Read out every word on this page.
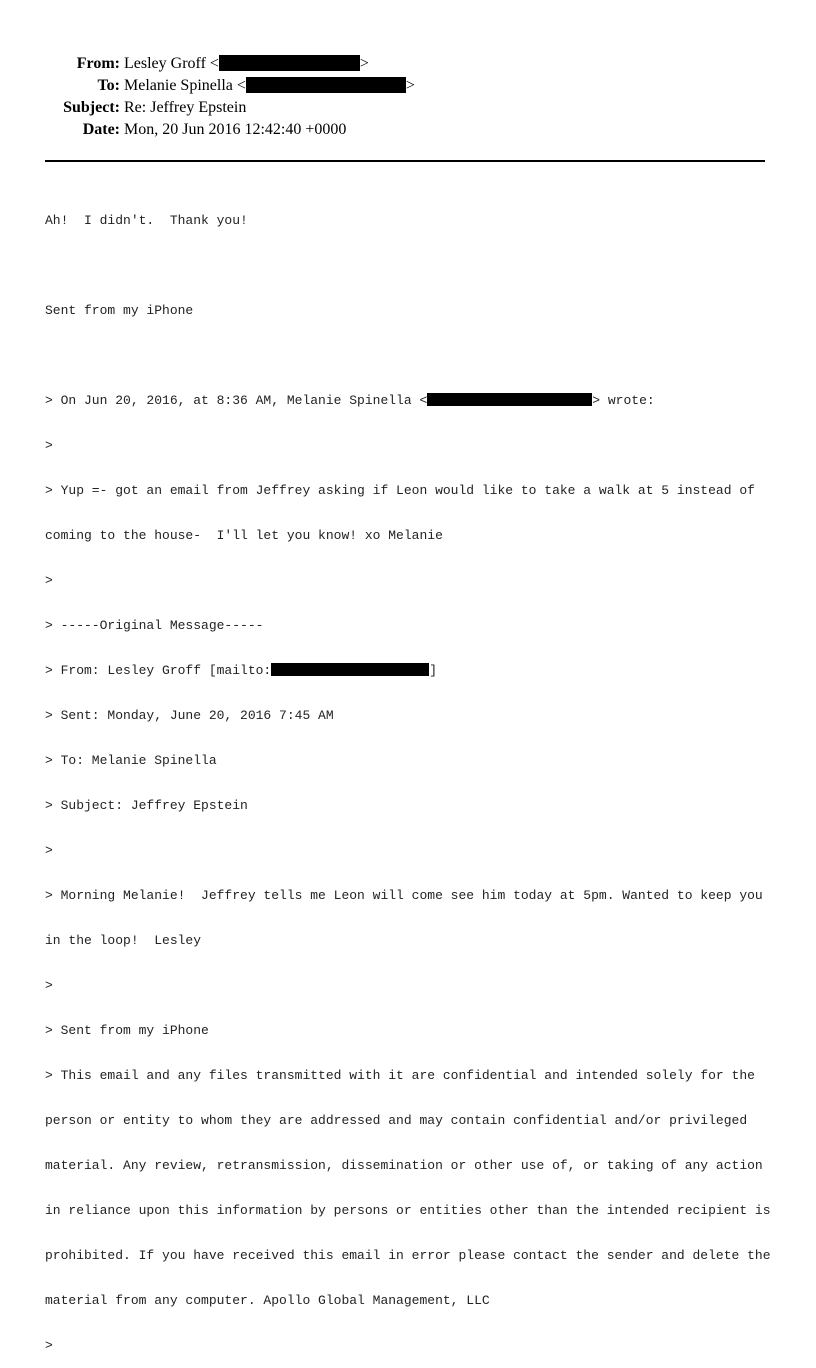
From: Lesley Groff <	>
To: Melanie Spinella <	>
Subject: Re: Jeffrey Epstein
Date: Mon, 20 Jun 2016 12:42:40 +0000

Ah!  I didn't.  Thank you!

Sent from my iPhone

> On Jun 20, 2016, at 8:36 AM, Melanie Spinella <	> wrote:

>

> Yup =- got an email from Jeffrey asking if Leon would like to take a walk at 5 instead of

coming to the house-  I'll let you know! xo Melanie

>

> -----Original Message-----

> From: Lesley Groff [mailto:	]

> Sent: Monday, June 20, 2016 7:45 AM

> To: Melanie Spinella

> Subject: Jeffrey Epstein

>

> Morning Melanie!  Jeffrey tells me Leon will come see him today at 5pm. Wanted to keep you

in the loop!  Lesley

>

> Sent from my iPhone

> This email and any files transmitted with it are confidential and intended solely for the

person or entity to whom they are addressed and may contain confidential and/or privileged

material. Any review, retransmission, dissemination or other use of, or taking of any action

in reliance upon this information by persons or entities other than the intended recipient is

prohibited. If you have received this email in error please contact the sender and delete the

material from any computer. Apollo Global Management, LLC

>
